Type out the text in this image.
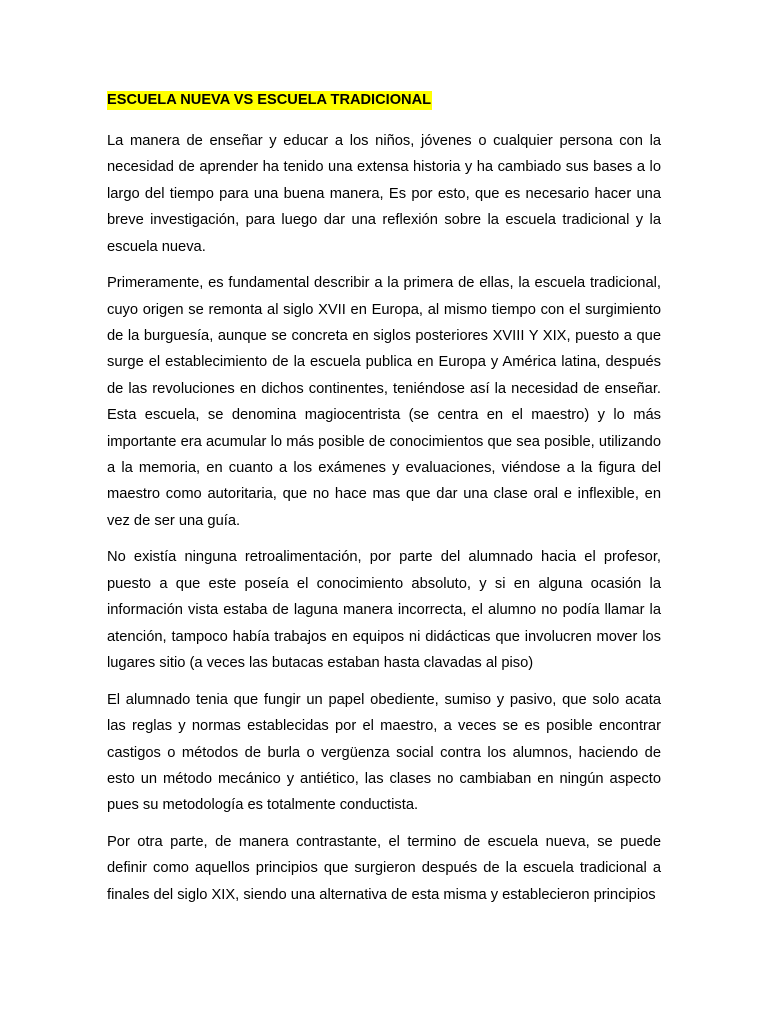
ESCUELA NUEVA VS ESCUELA TRADICIONAL

La manera de enseñar y educar a los niños, jóvenes o cualquier persona con la necesidad de aprender ha tenido una extensa historia y ha cambiado sus bases a lo largo del tiempo para una buena manera, Es por esto, que es necesario hacer una breve investigación, para luego dar una reflexión sobre la escuela tradicional y la escuela nueva.

Primeramente, es fundamental describir a la primera de ellas, la escuela tradicional, cuyo origen se remonta al siglo XVII en Europa, al mismo tiempo con el surgimiento de la burguesía, aunque se concreta en siglos posteriores XVIII Y XIX, puesto a que surge el establecimiento de la escuela publica en Europa y América latina, después de las revoluciones en dichos continentes, teniéndose así la necesidad de enseñar. Esta escuela, se denomina magiocentrista (se centra en el maestro) y lo más importante era acumular lo más posible de conocimientos que sea posible, utilizando a la memoria, en cuanto a los exámenes y evaluaciones, viéndose a la figura del maestro como autoritaria, que no hace mas que dar una clase oral e inflexible, en vez de ser una guía.

No existía ninguna retroalimentación, por parte del alumnado hacia el profesor, puesto a que este poseía el conocimiento absoluto, y si en alguna ocasión la información vista estaba de laguna manera incorrecta, el alumno no podía llamar la atención, tampoco había trabajos en equipos ni didácticas que involucren mover los lugares sitio (a veces las butacas estaban hasta clavadas al piso)

El alumnado tenia que fungir un papel obediente, sumiso y pasivo, que solo acata las reglas y normas establecidas por el maestro, a veces se es posible encontrar castigos o métodos de burla o vergüenza social contra los alumnos, haciendo de esto un método mecánico y antiético, las clases no cambiaban en ningún aspecto pues su metodología es totalmente conductista.

Por otra parte, de manera contrastante, el termino de escuela nueva, se puede definir como aquellos principios que surgieron después de la escuela tradicional a finales del siglo XIX, siendo una alternativa de esta misma y establecieron principios
